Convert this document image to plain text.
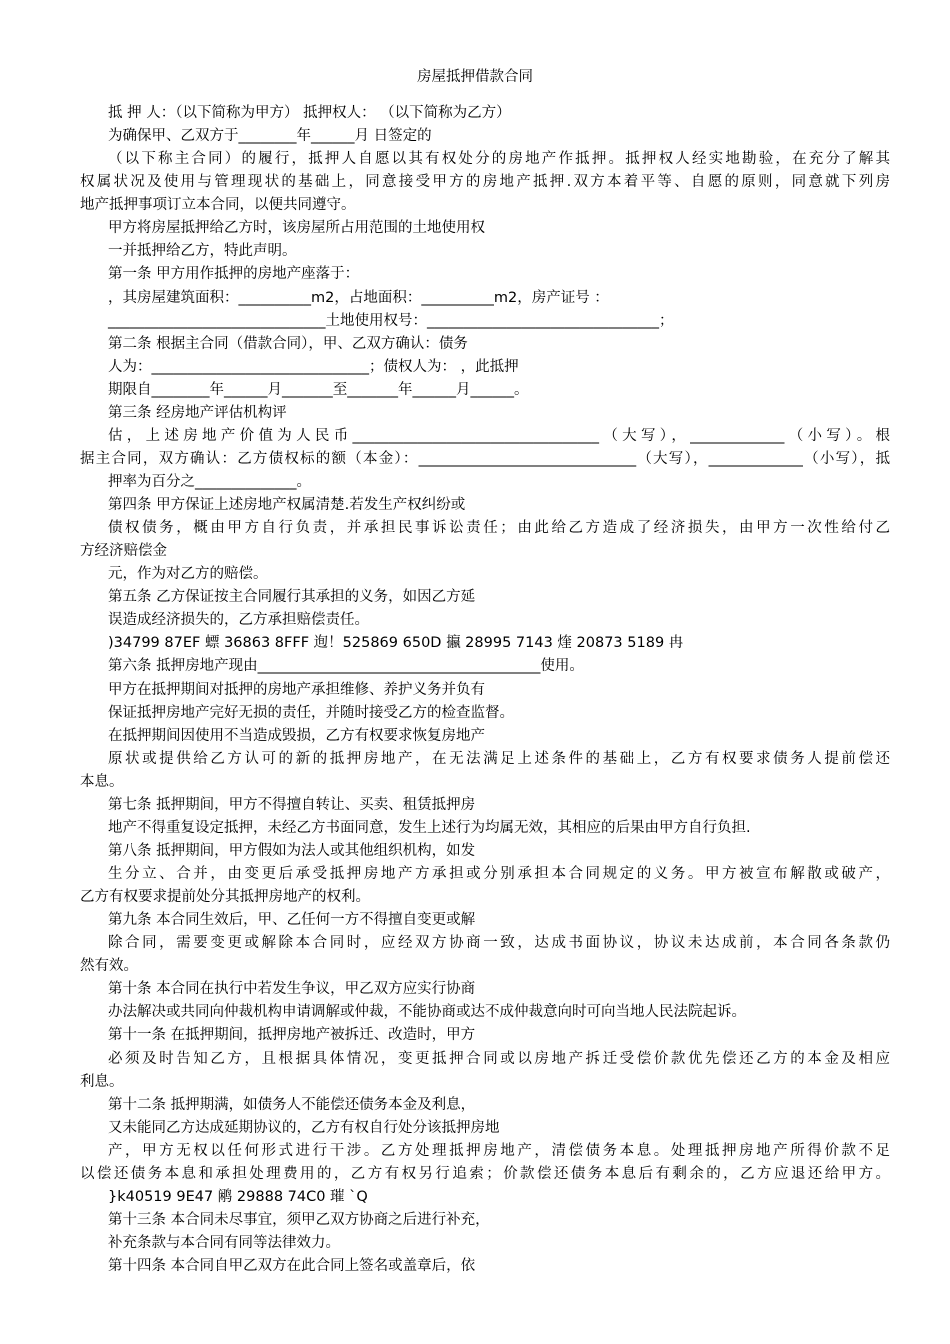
房屋抵押借款合同
抵 押 人：（以下简称为甲方） 抵押权人： （以下简称为乙方）
为确保甲、乙双方于________年______月 日签定的
（以下称主合同）的履行，抵押人自愿以其有权处分的房地产作抵押。抵押权人经实地勘验，在充分了解其
权属状况及使用与管理现状的基础上，同意接受甲方的房地产抵押.双方本着平等、自愿的原则，同意就下列房
地产抵押事项订立本合同，以便共同遵守。
甲方将房屋抵押给乙方时，该房屋所占用范围的土地使用权
一并抵押给乙方，特此声明。
第一条 甲方用作抵押的房地产座落于：
，其房屋建筑面积：__________m2，占地面积：__________m2，房产证号 ：
______________________________土地使用权号：________________________________；
第二条 根据主合同（借款合同），甲、乙双方确认：债务
人为：______________________________；债权人为： ，此抵押
期限自________年______月_______至_______年______月______。
第三条 经房地产评估机构评
估，上述房地产价值为人民币__________________________________（大写），_____________（小写）。根
据主合同，双方确认：乙方债权标的额（本金）：______________________________（大写），_____________（小写），抵
押率为百分之______________。
第四条 甲方保证上述房地产权属清楚.若发生产权纠纷或
债权债务，概由甲方自行负责，并承担民事诉讼责任；由此给乙方造成了经济损失，由甲方一次性给付乙
方经济赔偿金
元，作为对乙方的赔偿。
第五条 乙方保证按主合同履行其承担的义务，如因乙方延
误造成经济损失的，乙方承担赔偿责任。
)34799 87EF 螵 36863 8FFF 迿！525869 650D 攍 28995 7143 煃 20873 5189 冉
第六条 抵押房地产现由_______________________________________使用。
甲方在抵押期间对抵押的房地产承担维修、养护义务并负有
保证抵押房地产完好无损的责任，并随时接受乙方的检查监督。
在抵押期间因使用不当造成毁损，乙方有权要求恢复房地产
原状或提供给乙方认可的新的抵押房地产，在无法满足上述条件的基础上，乙方有权要求债务人提前偿还
本息。
第七条 抵押期间，甲方不得擅自转让、买卖、租赁抵押房
地产不得重复设定抵押，未经乙方书面同意，发生上述行为均属无效，其相应的后果由甲方自行负担.
第八条 抵押期间，甲方假如为法人或其他组织机构，如发
生分立、合并，由变更后承受抵押房地产方承担或分别承担本合同规定的义务。甲方被宣布解散或破产，
乙方有权要求提前处分其抵押房地产的权利。
第九条 本合同生效后，甲、乙任何一方不得擅自变更或解
除合同，需要变更或解除本合同时，应经双方协商一致，达成书面协议，协议未达成前，本合同各条款仍
然有效。
第十条 本合同在执行中若发生争议，甲乙双方应实行协商
办法解决或共同向仲裁机构申请调解或仲裁，不能协商或达不成仲裁意向时可向当地人民法院起诉。
第十一条 在抵押期间，抵押房地产被拆迁、改造时，甲方
必须及时告知乙方，且根据具体情况，变更抵押合同或以房地产拆迁受偿价款优先偿还乙方的本金及相应
利息。
第十二条 抵押期满，如债务人不能偿还债务本金及利息，
又未能同乙方达成延期协议的，乙方有权自行处分该抵押房地
产，甲方无权以任何形式进行干涉。乙方处理抵押房地产，清偿债务本息。处理抵押房地产所得价款不足
以偿还债务本息和承担处理费用的，乙方有权另行追索；价款偿还债务本息后有剩余的，乙方应退还给甲方。
}k40519 9E47 鹇 29888 74C0 璀 `Q
第十三条 本合同未尽事宜，须甲乙双方协商之后进行补充，
补充条款与本合同有同等法律效力。
第十四条 本合同自甲乙双方在此合同上签名或盖章后，依
